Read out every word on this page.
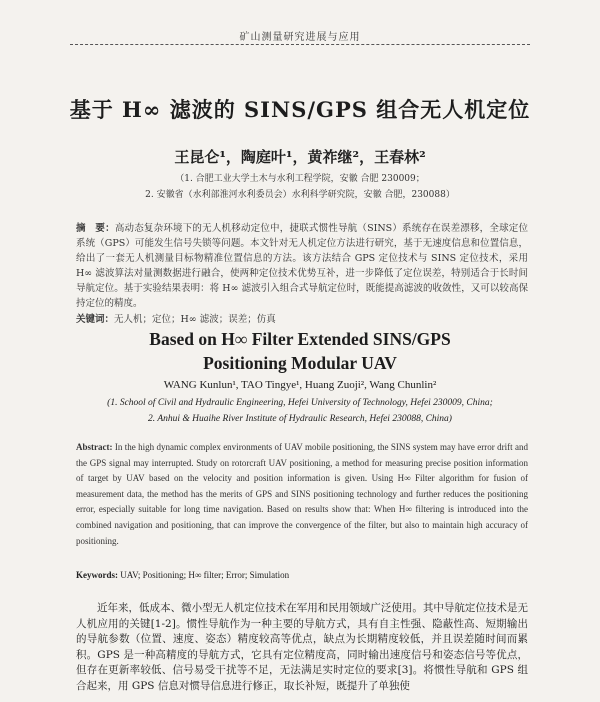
矿山测量研究进展与应用
基于 H∞ 滤波的 SINS/GPS 组合无人机定位
王昆仑¹，陶庭叶¹，黄祚继²，王春林²
（1. 合肥工业大学土木与水利工程学院，安徽 合肥 230009；
2. 安徽省（水利部淮河水利委员会）水利科学研究院，安徽 合肥，230088）
摘　要：高动态复杂环境下的无人机移动定位中，捷联式惯性导航（SINS）系统存在误差漂移，全球定位系统（GPS）可能发生信号失锁等问题。本文针对无人机定位方法进行研究，基于无速度信息和位置信息，给出了一套无人机测量目标物精准位置信息的方法。该方法结合 GPS 定位技术与 SINS 定位技术，采用 H∞ 滤波算法对量测数据进行融合，使两种定位技术优势互补，进一步降低了定位误差，特别适合于长时间导航定位。基于实验结果表明：将 H∞ 滤波引入组合式导航定位时，既能提高滤波的收敛性，又可以较高保持定位的精度。
关键词：无人机；定位；H∞ 滤波；误差；仿真
Based on H∞ Filter Extended SINS/GPS
Positioning Modular UAV
WANG Kunlun¹, TAO Tingye¹, Huang Zuoji², Wang Chunlin²
(1. School of Civil and Hydraulic Engineering, Hefei University of Technology, Hefei 230009, China;
2. Anhui & Huaihe River Institute of Hydraulic Research, Hefei 230088, China)
Abstract: In the high dynamic complex environments of UAV mobile positioning, the SINS system may have error drift and the GPS signal may interrupted. Study on rotorcraft UAV positioning, a method for measuring precise position information of target by UAV based on the velocity and position information is given. Using H∞ Filter algorithm for fusion of measurement data, the method has the merits of GPS and SINS positioning technology and further reduces the positioning error, especially suitable for long time navigation. Based on results show that: When H∞ filtering is introduced into the combined navigation and positioning, that can improve the convergence of the filter, but also to maintain high accuracy of positioning.
Keywords: UAV; Positioning; H∞ filter; Error; Simulation
近年来，低成本、微小型无人机定位技术在军用和民用领域广泛使用。其中导航定位技术是无人机应用的关键[1-2]。惯性导航作为一种主要的导航方式，具有自主性强、隐蔽性高、短期输出的导航参数（位置、速度、姿态）精度较高等优点，缺点为长期精度较低，并且误差随时间而累积。GPS 是一种高精度的导航方式，它具有定位精度高，同时输出速度信号和姿态信号等优点，但存在更新率较低、信号易受干扰等不足，无法满足实时定位的要求[3]。将惯性导航和 GPS 组合起来，用 GPS 信息对惯导信息进行修正，取长补短，既提升了单独使
